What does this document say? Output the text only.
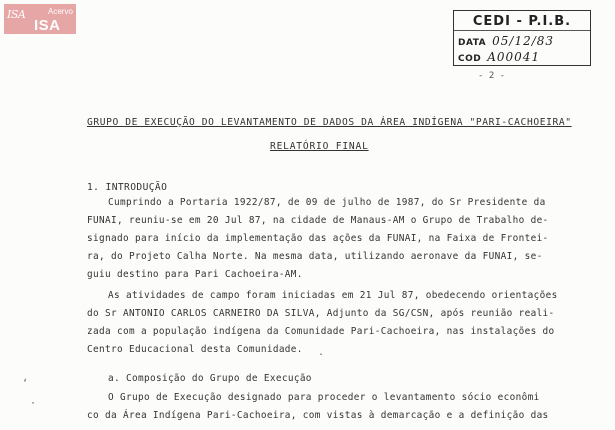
ISA	Acervo
ISA	CEDI - P.I.B.
DATA 05/12/83
COD A00041
- 2 -
GRUPO DE EXECUÇÃO DO LEVANTAMENTO DE DADOS DA ÁREA INDÍGENA "PARI-CACHOEIRA"
RELATÓRIO FINAL
1. INTRODUÇÃO
Cumprindo a Portaria 1922/87, de 09 de julho de 1987, do Sr Presidente da
FUNAI, reuniu-se em 20 Jul 87, na cidade de Manaus-AM o Grupo de Trabalho de-
signado para início da implementação das ações da FUNAI, na Faixa de Frontei-
ra, do Projeto Calha Norte. Na mesma data, utilizando aeronave da FUNAI, se-
guiu destino para Pari Cachoeira-AM.
As atividades de campo foram iniciadas em 21 Jul 87, obedecendo orientações
do Sr ANTONIO CARLOS CARNEIRO DA SILVA, Adjunto da SG/CSN, após reunião reali-
zada com a população indígena da Comunidade Pari-Cachoeira, nas instalações do
Centro Educacional desta Comunidade.
a. Composição do Grupo de Execução
O Grupo de Execução designado para proceder o levantamento sócio econômi
co da Área Indígena Pari-Cachoeira, com vistas à demarcação e a definição das
ʻ
·
.
